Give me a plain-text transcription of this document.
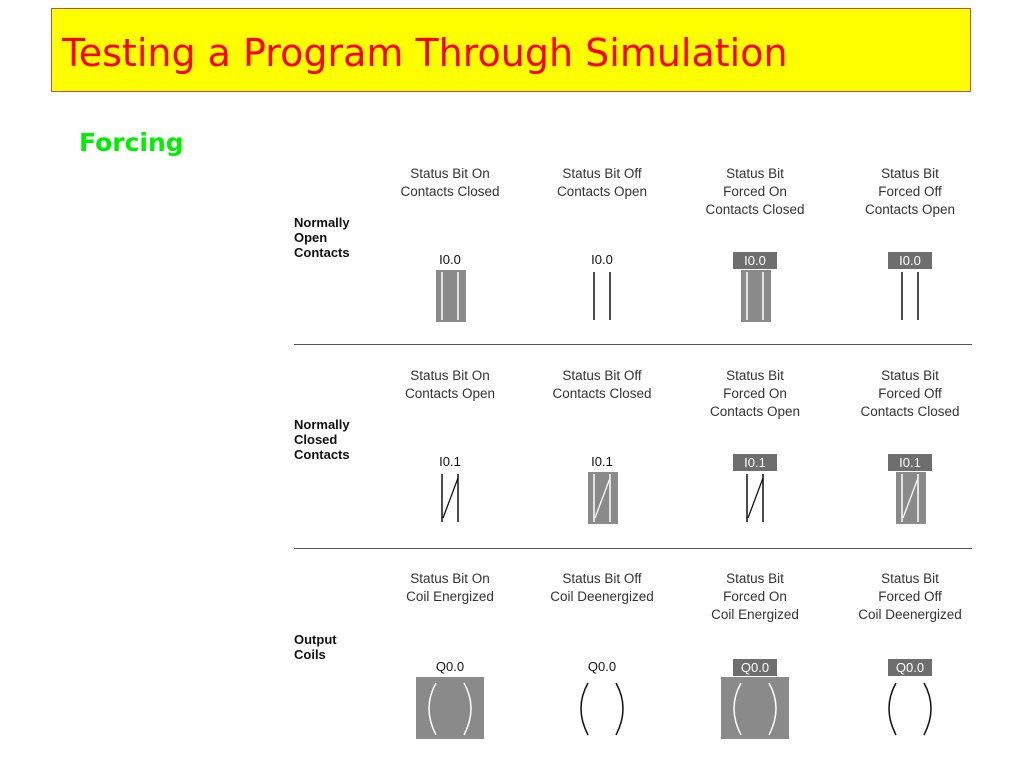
Testing a Program Through Simulation
Forcing
Normally
Open
Contacts
Status Bit On
Contacts Closed
I0.0
Status Bit Off
Contacts Open
I0.0
Status Bit
Forced On
Contacts Closed
I0.0
Status Bit
Forced Off
Contacts Open
I0.0
Normally
Closed
Contacts
Status Bit On
Contacts Open
I0.1
Status Bit Off
Contacts Closed
I0.1
Status Bit
Forced On
Contacts Open
I0.1
Status Bit
Forced Off
Contacts Closed
I0.1
Output
Coils
Status Bit On
Coil Energized
Q0.0
Status Bit Off
Coil Deenergized
Q0.0
Status Bit
Forced On
Coil Energized
Q0.0
Status Bit
Forced Off
Coil Deenergized
Q0.0
